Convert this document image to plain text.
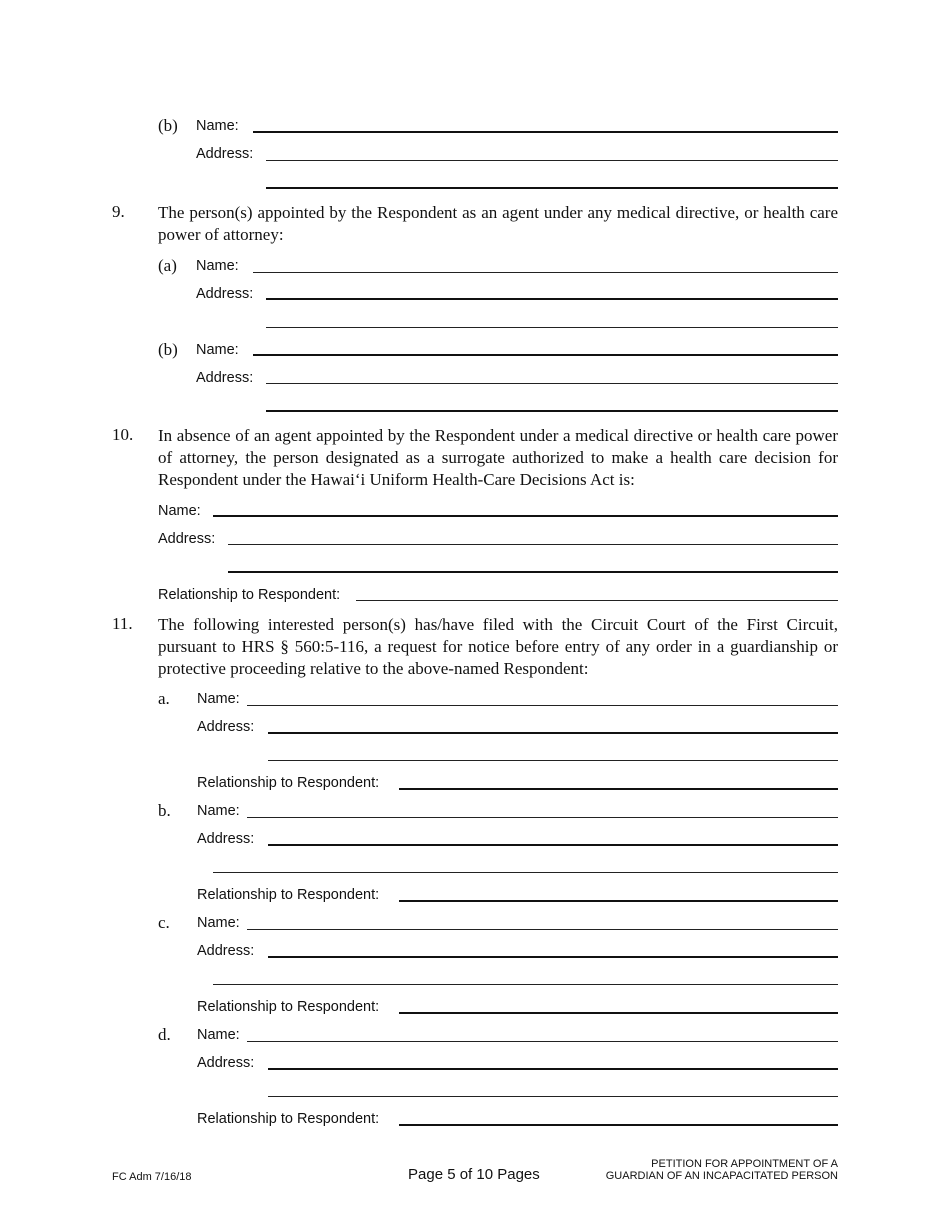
(b) Name:
Address:
9. The person(s) appointed by the Respondent as an agent under any medical directive, or health care power of attorney:
(a) Name:
Address:
(b) Name:
Address:
10. In absence of an agent appointed by the Respondent under a medical directive or health care power of attorney, the person designated as a surrogate authorized to make a health care decision for Respondent under the Hawai‘i Uniform Health-Care Decisions Act is:
Name:
Address:
Relationship to Respondent:
11. The following interested person(s) has/have filed with the Circuit Court of the First Circuit, pursuant to HRS § 560:5-116, a request for notice before entry of any order in a guardianship or protective proceeding relative to the above-named Respondent:
a. Name:
Address:
Relationship to Respondent:
b. Name:
Address:
Relationship to Respondent:
c. Name:
Address:
Relationship to Respondent:
d. Name:
Address:
Relationship to Respondent:
FC Adm 7/16/18	Page 5 of 10 Pages
PETITION FOR APPOINTMENT OF A
GUARDIAN OF AN INCAPACITATED PERSON
